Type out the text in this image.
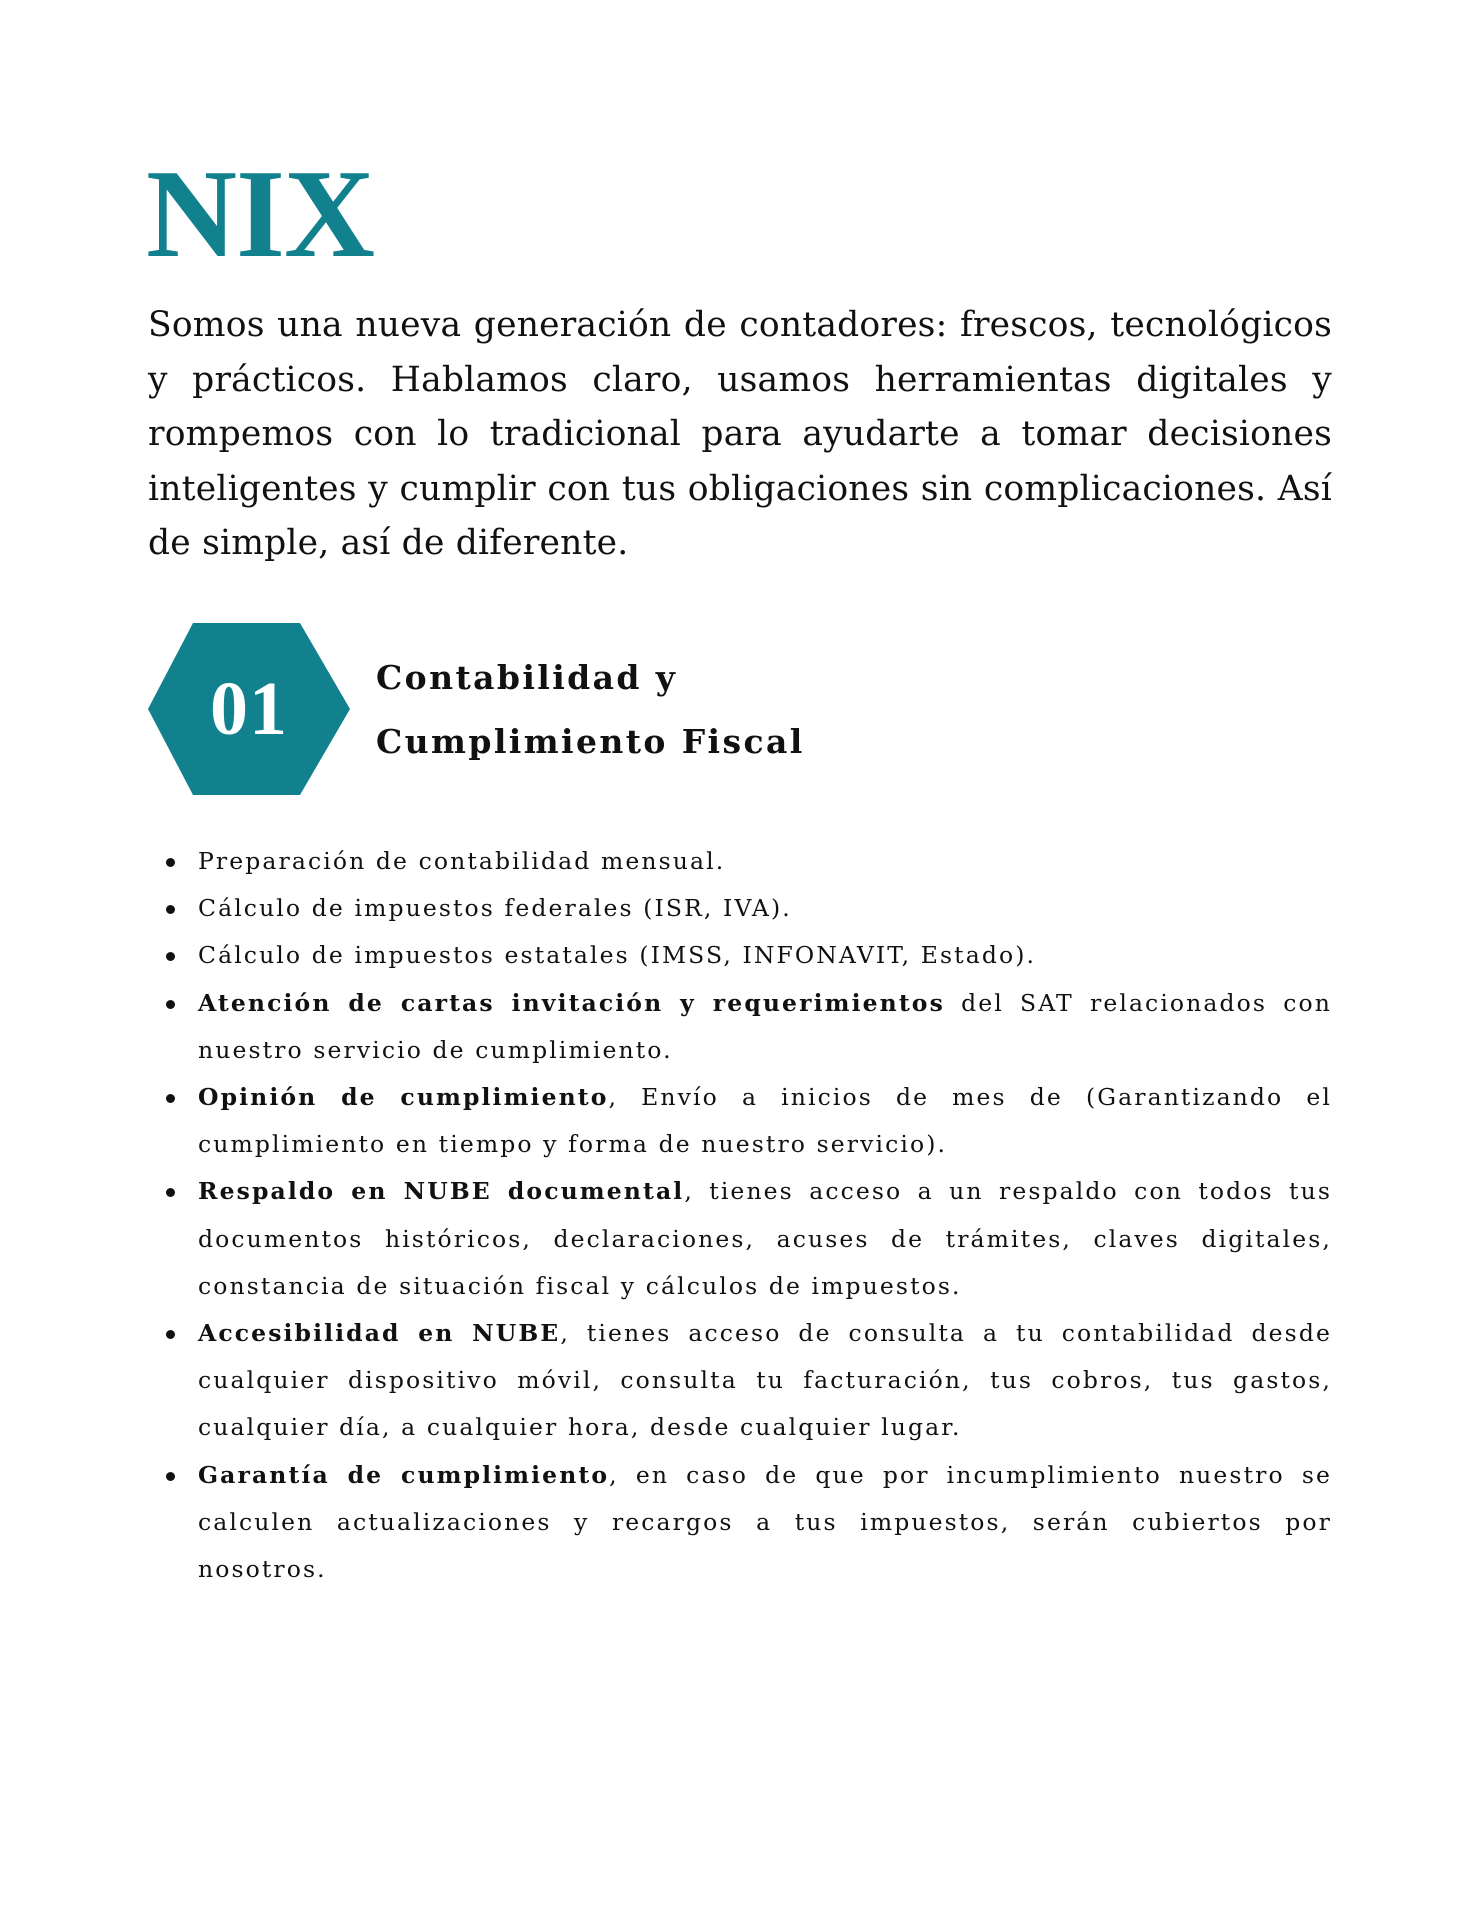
NIX

Somos una nueva generación de contadores: frescos, tecnológicos y prácticos. Hablamos claro, usamos herramientas digitales y rompemos con lo tradicional para ayudarte a tomar decisiones inteligentes y cumplir con tus obligaciones sin complicaciones. Así de simple, así de diferente.

01	Contabilidad y
Cumplimiento Fiscal
Preparación de contabilidad mensual.
Cálculo de impuestos federales (ISR, IVA).
Cálculo de impuestos estatales (IMSS, INFONAVIT, Estado).
Atención de cartas invitación y requerimientos del SAT relacionados con nuestro servicio de cumplimiento.
Opinión de cumplimiento, Envío a inicios de mes de (Garantizando el cumplimiento en tiempo y forma de nuestro servicio).
Respaldo en NUBE documental, tienes acceso a un respaldo con todos tus documentos históricos, declaraciones, acuses de trámites, claves digitales, constancia de situación fiscal y cálculos de impuestos.
Accesibilidad en NUBE, tienes acceso de consulta a tu contabilidad desde cualquier dispositivo móvil, consulta tu facturación, tus cobros, tus gastos, cualquier día, a cualquier hora, desde cualquier lugar.
Garantía de cumplimiento, en caso de que por incumplimiento nuestro se calculen actualizaciones y recargos a tus impuestos, serán cubiertos por nosotros.
